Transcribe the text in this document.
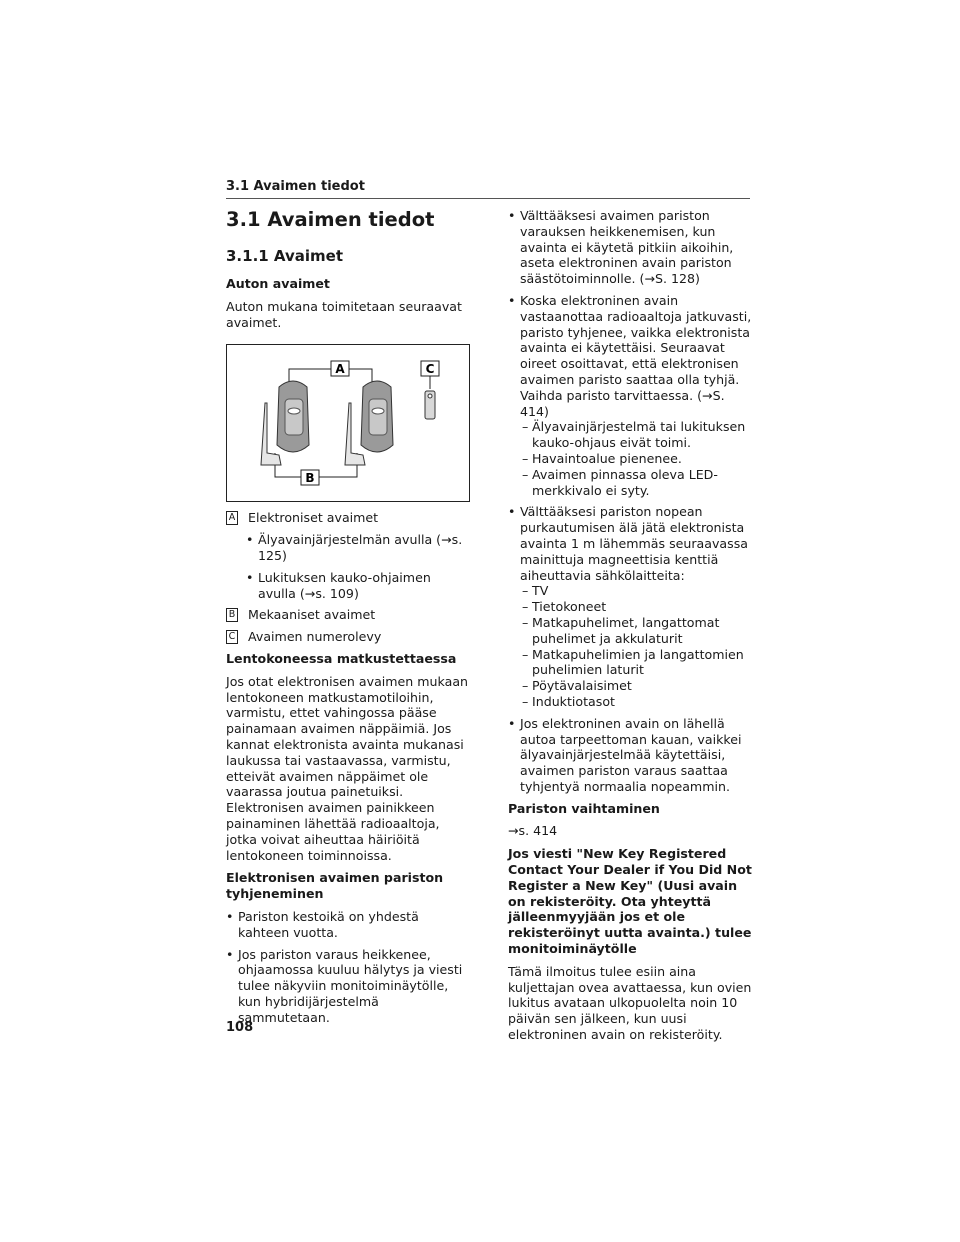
3.1 Avaimen tiedot
3.1 Avaimen tiedot
3.1.1 Avaimet
Auton avaimet
Auton mukana toimitetaan seuraavat avaimet.
A
B
C
A Elektroniset avaimet
• Älyavainjärjestelmän avulla (→s. 125)
• Lukituksen kauko-ohjaimen avulla (→s. 109)
B Mekaaniset avaimet
C Avaimen numerolevy
Lentokoneessa matkustettaessa
Jos otat elektronisen avaimen mukaan lentokoneen matkustamotiloihin, varmistu, ettet vahingossa pääse painamaan avaimen näppäimiä. Jos kannat elektronista avainta mukanasi laukussa tai vastaavassa, varmistu, etteivät avaimen näppäimet ole vaarassa joutua painetuiksi. Elektronisen avaimen painikkeen painaminen lähettää radioaaltoja, jotka voivat aiheuttaa häiriöitä lentokoneen toiminnoissa.
Elektronisen avaimen pariston tyhjeneminen
• Pariston kestoikä on yhdestä kahteen vuotta.
• Jos pariston varaus heikkenee, ohjaamossa kuuluu hälytys ja viesti tulee näkyviin monitoiminäytölle, kun hybridijärjestelmä sammutetaan.
• Välttääksesi avaimen pariston varauksen heikkenemisen, kun avainta ei käytetä pitkiin aikoihin, aseta elektroninen avain pariston säästötoiminnolle. (→S. 128)
• Koska elektroninen avain vastaanottaa radioaaltoja jatkuvasti, paristo tyhjenee, vaikka elektronista avainta ei käytettäisi. Seuraavat oireet osoittavat, että elektronisen avaimen paristo saattaa olla tyhjä. Vaihda paristo tarvittaessa. (→S. 414)
– Älyavainjärjestelmä tai lukituksen kauko-ohjaus eivät toimi.
– Havaintoalue pienenee.
– Avaimen pinnassa oleva LED-merkkivalo ei syty.
• Välttääksesi pariston nopean purkautumisen älä jätä elektronista avainta 1 m lähemmäs seuraavassa mainittuja magneettisia kenttiä aiheuttavia sähkölaitteita:
– TV
– Tietokoneet
– Matkapuhelimet, langattomat puhelimet ja akkulaturit
– Matkapuhelimien ja langattomien puhelimien laturit
– Pöytävalaisimet
– Induktiotasot
• Jos elektroninen avain on lähellä autoa tarpeettoman kauan, vaikkei älyavainjärjestelmää käytettäisi, avaimen pariston varaus saattaa tyhjentyä normaalia nopeammin.
Pariston vaihtaminen
→s. 414
Jos viesti "New Key Registered Contact Your Dealer if You Did Not Register a New Key" (Uusi avain on rekisteröity. Ota yhteyttä jälleenmyyjään jos et ole rekisteröinyt uutta avainta.) tulee monitoiminäytölle
Tämä ilmoitus tulee esiin aina kuljettajan ovea avattaessa, kun ovien lukitus avataan ulkopuolelta noin 10 päivän sen jälkeen, kun uusi elektroninen avain on rekisteröity.
108
